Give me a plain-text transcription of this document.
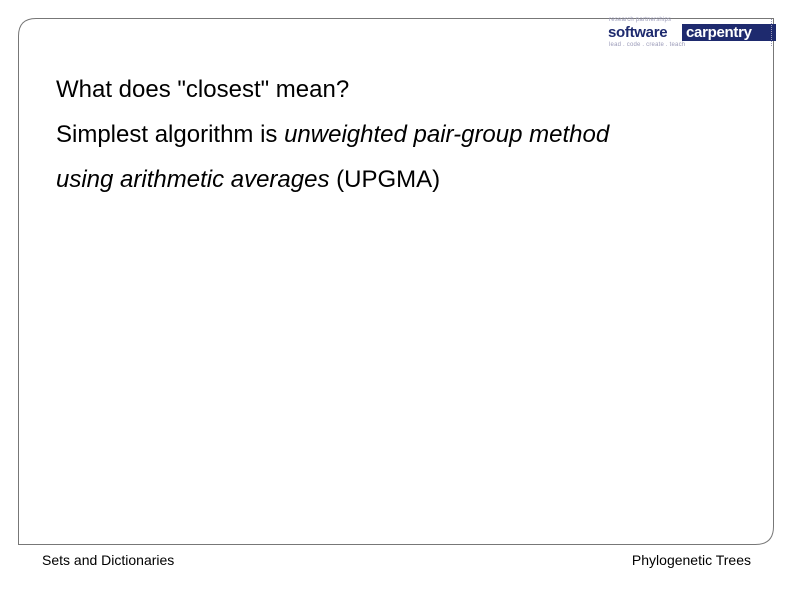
research partnerships
software	carpentry
lead . code . create . teach

What does "closest" mean?

Simplest algorithm is unweighted pair-group method

using arithmetic averages (UPGMA)

Sets and Dictionaries	Phylogenetic Trees
